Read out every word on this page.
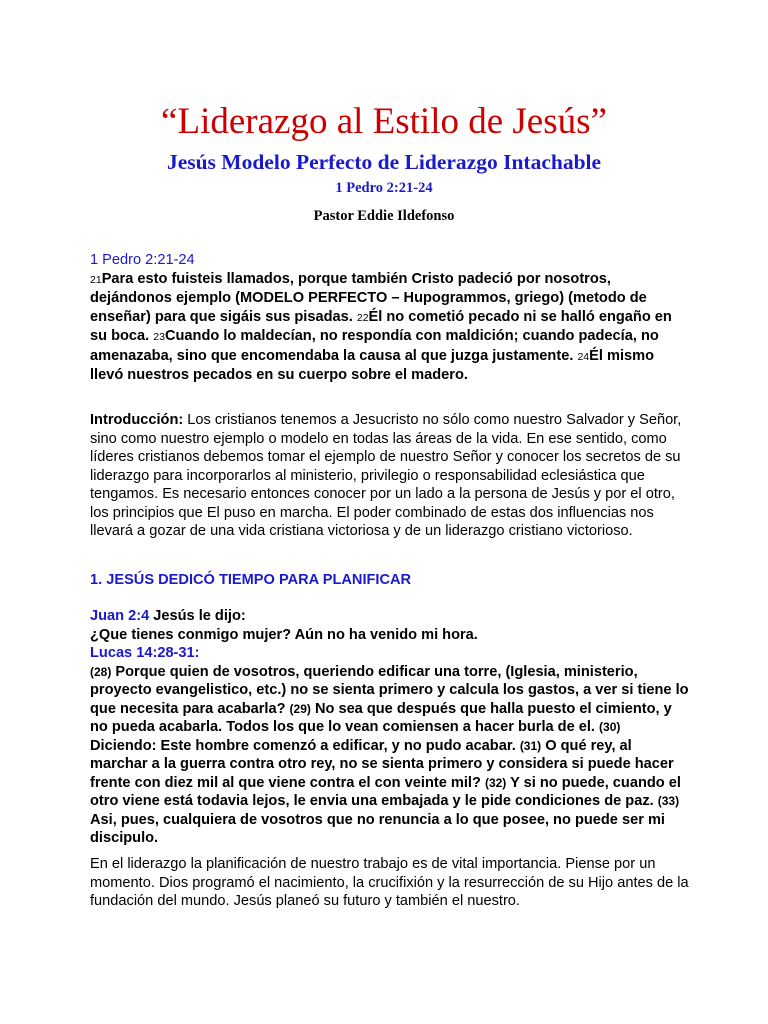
“Liderazgo al Estilo de Jesús”
Jesús Modelo Perfecto de Liderazgo Intachable
1 Pedro 2:21-24
Pastor Eddie Ildefonso

1 Pedro 2:21-24

21Para esto fuisteis llamados, porque también Cristo padeció por nosotros, dejándonos ejemplo (MODELO PERFECTO – Hupogrammos, griego) (metodo de enseñar) para que sigáis sus pisadas. 22Él no cometió pecado ni se halló engaño en su boca. 23Cuando lo maldecían, no respondía con maldición; cuando padecía, no amenazaba, sino que encomendaba la causa al que juzga justamente. 24Él mismo llevó nuestros pecados en su cuerpo sobre el madero.

Introducción: Los cristianos tenemos a Jesucristo no sólo como nuestro Salvador y Señor, sino como nuestro ejemplo o modelo en todas las áreas de la vida. En ese sentido, como líderes cristianos debemos tomar el ejemplo de nuestro Señor y conocer los secretos de su liderazgo para incorporarlos al ministerio, privilegio o responsabilidad eclesiástica que tengamos. Es necesario entonces conocer por un lado a la persona de Jesús y por el otro, los principios que El puso en marcha. El poder combinado de estas dos influencias nos llevará a gozar de una vida cristiana victoriosa y de un liderazgo cristiano victorioso.

1. JESÚS DEDICÓ TIEMPO PARA PLANIFICAR

Juan 2:4 Jesús le dijo:

¿Que tienes conmigo mujer? Aún no ha venido mi hora.

Lucas 14:28-31:

(28) Porque quien de vosotros, queriendo edificar una torre, (Iglesia, ministerio, proyecto evangelistico, etc.) no se sienta primero y calcula los gastos, a ver si tiene lo que necesita para acabarla? (29) No sea que después que halla puesto el cimiento, y no pueda acabarla. Todos los que lo vean comiensen a hacer burla de el. (30) Diciendo: Este hombre comenzó a edificar, y no pudo acabar. (31) O qué rey, al marchar a la guerra contra otro rey, no se sienta primero y considera si puede hacer frente con diez mil al que viene contra el con veinte mil? (32) Y si no puede, cuando el otro viene está todavia lejos, le envia una embajada y le pide condiciones de paz. (33) Asi, pues, cualquiera de vosotros que no renuncia a lo que posee, no puede ser mi discipulo.

En el liderazgo la planificación de nuestro trabajo es de vital importancia. Piense por un momento. Dios programó el nacimiento, la crucifixión y la resurrección de su Hijo antes de la fundación del mundo. Jesús planeó su futuro y también el nuestro.
